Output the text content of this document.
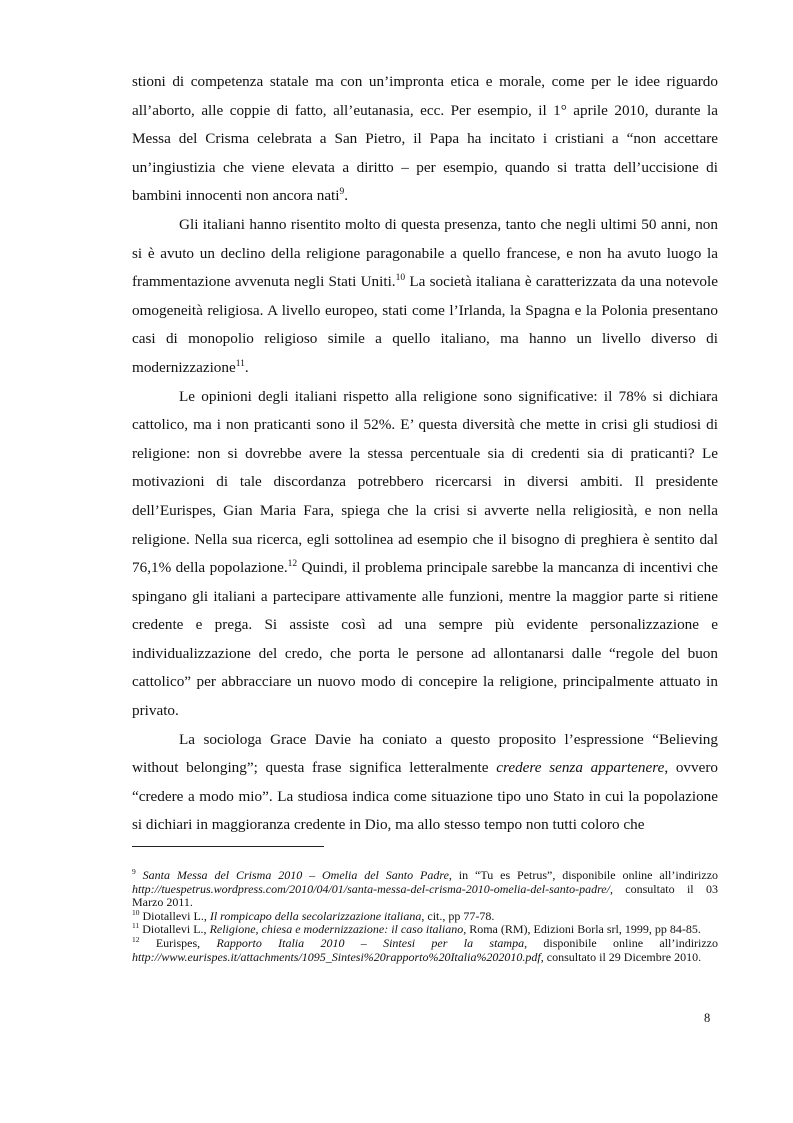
stioni di competenza statale ma con un’impronta etica e morale, come per le idee riguardo all’aborto, alle coppie di fatto, all’eutanasia, ecc. Per esempio, il 1° aprile 2010, durante la Messa del Crisma celebrata a San Pietro, il Papa ha incitato i cristiani a “non accettare un’ingiustizia che viene elevata a diritto – per esempio, quando si tratta dell’uccisione di bambini innocenti non ancora nati$^9$.

Gli italiani hanno risentito molto di questa presenza, tanto che negli ultimi 50 anni, non si è avuto un declino della religione paragonabile a quello francese, e non ha avuto luogo la frammentazione avvenuta negli Stati Uniti.$^{10}$ La società italiana è caratterizzata da una notevole omogeneità religiosa. A livello europeo, stati come l’Irlanda, la Spagna e la Polonia presentano casi di monopolio religioso simile a quello italiano, ma hanno un livello diverso di modernizzazione$^{11}$.

Le opinioni degli italiani rispetto alla religione sono significative: il 78% si dichiara cattolico, ma i non praticanti sono il 52%. E’ questa diversità che mette in crisi gli studiosi di religione: non si dovrebbe avere la stessa percentuale sia di credenti sia di praticanti? Le motivazioni di tale discordanza potrebbero ricercarsi in diversi ambiti. Il presidente dell’Eurispes, Gian Maria Fara, spiega che la crisi si avverte nella religiosità, e non nella religione. Nella sua ricerca, egli sottolinea ad esempio che il bisogno di preghiera è sentito dal 76,1% della popolazione.$^{12}$ Quindi, il problema principale sarebbe la mancanza di incentivi che spingano gli italiani a partecipare attivamente alle funzioni, mentre la maggior parte si ritiene credente e prega. Si assiste così ad una sempre più evidente personalizzazione e individualizzazione del credo, che porta le persone ad allontanarsi dalle “regole del buon cattolico” per abbracciare un nuovo modo di concepire la religione, principalmente attuato in privato.

La sociologa Grace Davie ha coniato a questo proposito l’espressione “Believing without belonging”; questa frase significa letteralmente credere senza appartenere, ovvero “credere a modo mio”. La studiosa indica come situazione tipo uno Stato in cui la popolazione si dichiari in maggioranza credente in Dio, ma allo stesso tempo non tutti coloro che

$^9$ Santa Messa del Crisma 2010 – Omelia del Santo Padre, in “Tu es Petrus”, disponibile online all’indirizzo http://tuespetrus.wordpress.com/2010/04/01/santa-messa-del-crisma-2010-omelia-del-santo-padre/, consultato il 03 Marzo 2011.

$^{10}$ Diotallevi L., Il rompicapo della secolarizzazione italiana, cit., pp 77-78.

$^{11}$ Diotallevi L., Religione, chiesa e modernizzazione: il caso italiano, Roma (RM), Edizioni Borla srl, 1999, pp 84-85.

$^{12}$ Eurispes, Rapporto Italia 2010 – Sintesi per la stampa, disponibile online all’indirizzo http://www.eurispes.it/attachments/1095_Sintesi%20rapporto%20Italia%202010.pdf, consultato il 29 Dicembre 2010.

8
